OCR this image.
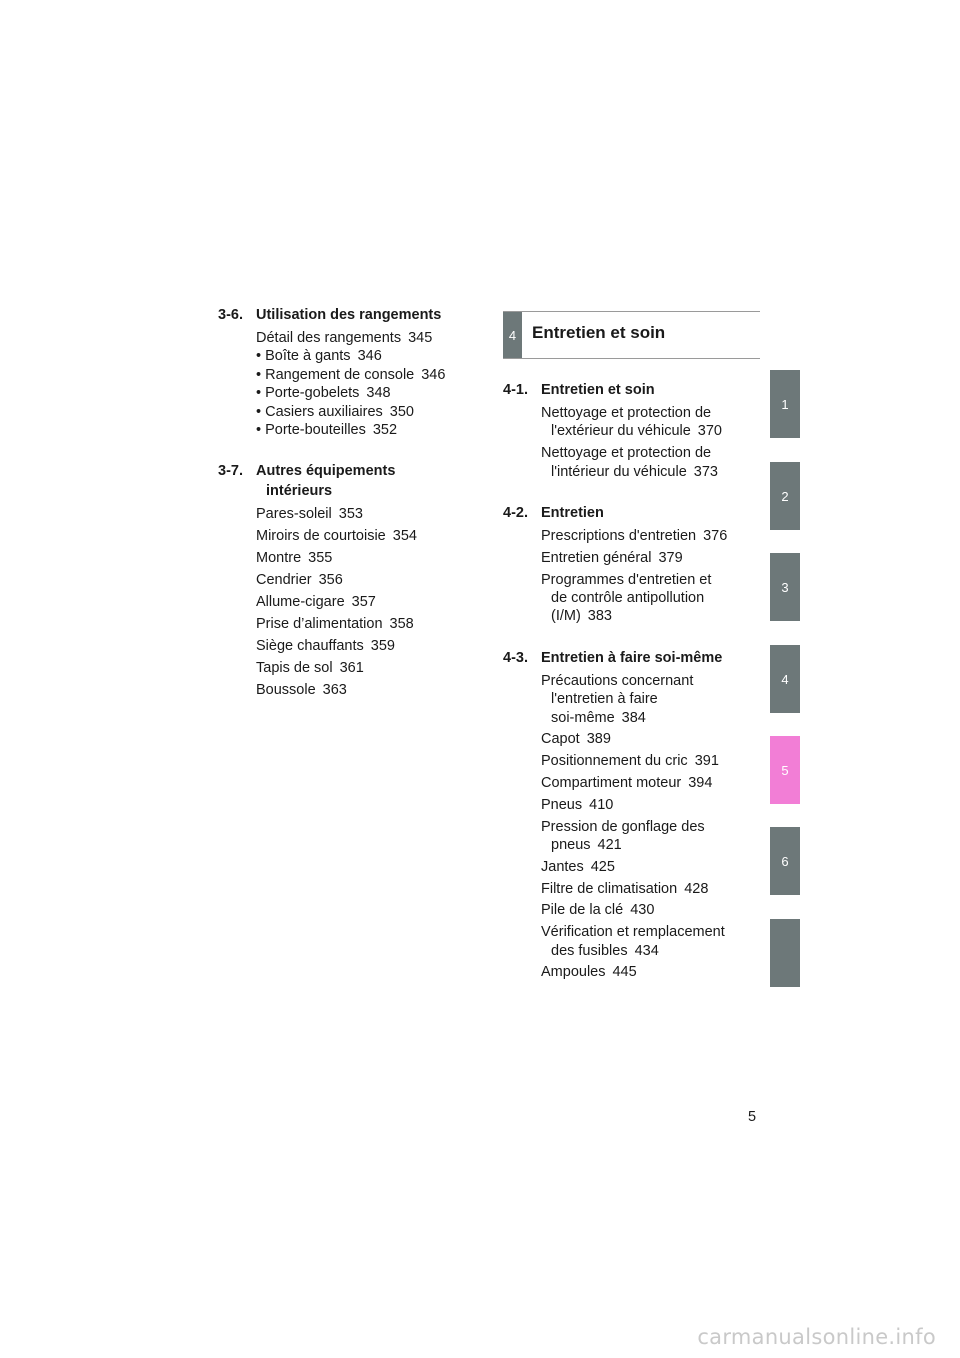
3-6. Utilisation des rangements
Détail des rangements 345
• Boîte à gants 346
• Rangement de console 346
• Porte-gobelets 348
• Casiers auxiliaires 350
• Porte-bouteilles 352
3-7. Autres équipements
intérieurs
Pares-soleil 353
Miroirs de courtoisie 354
Montre 355
Cendrier 356
Allume-cigare 357
Prise d’alimentation 358
Siège chauffants 359
Tapis de sol 361
Boussole 363
4 Entretien et soin
4-1. Entretien et soin
Nettoyage et protection de
l'extérieur du véhicule 370
Nettoyage et protection de
l'intérieur du véhicule 373
4-2. Entretien
Prescriptions d'entretien 376
Entretien général 379
Programmes d'entretien et
de contrôle antipollution
(I/M) 383
4-3. Entretien à faire soi-même
Précautions concernant
l'entretien à faire
soi-même 384
Capot 389
Positionnement du cric 391
Compartiment moteur 394
Pneus 410
Pression de gonflage des
pneus 421
Jantes 425
Filtre de climatisation 428
Pile de la clé 430
Vérification et remplacement
des fusibles 434
Ampoules 445
1
2
3
4
5
6
5
carmanualsonline.info
